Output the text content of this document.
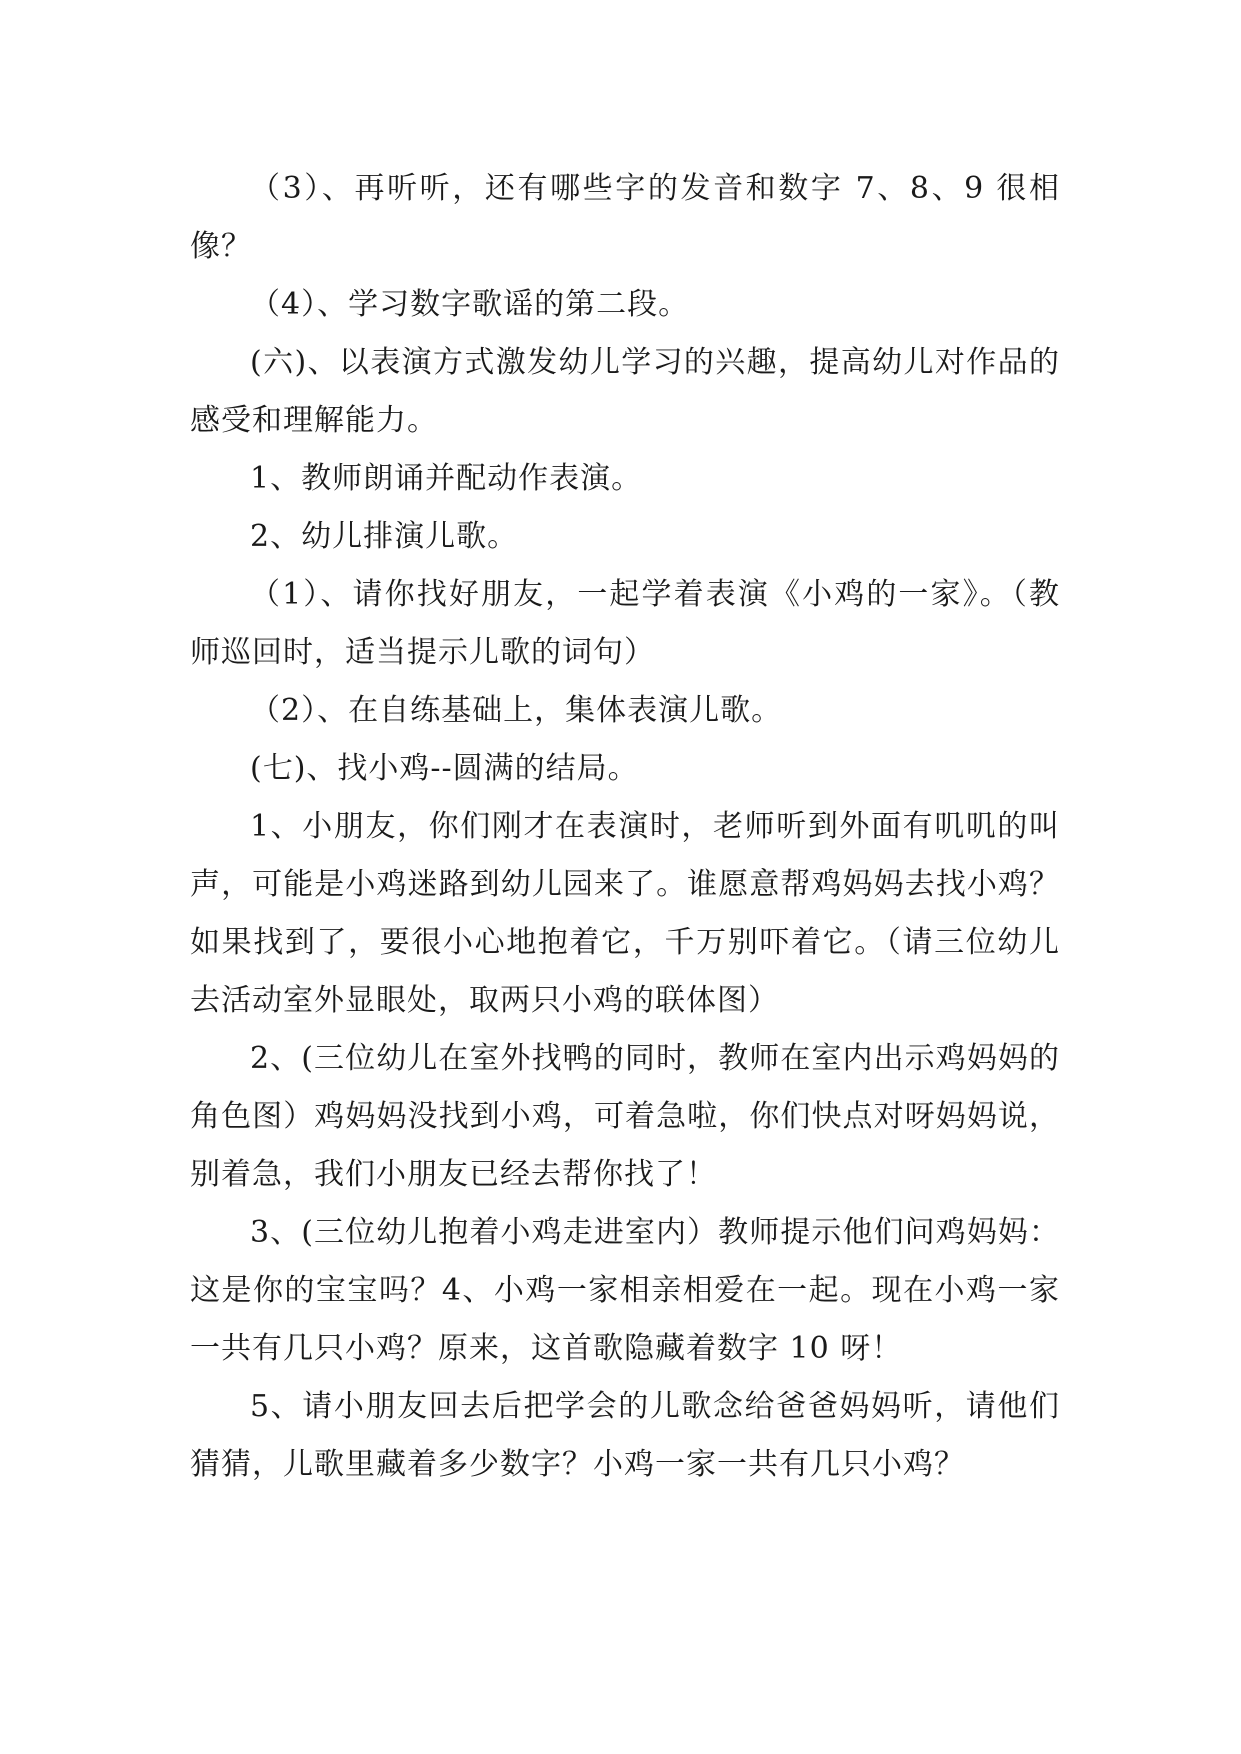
（3）、再听听，还有哪些字的发音和数字 7、8、9 很相像？

（4）、学习数字歌谣的第二段。

(六)、以表演方式激发幼儿学习的兴趣，提高幼儿对作品的感受和理解能力。

1、教师朗诵并配动作表演。

2、幼儿排演儿歌。

（1）、请你找好朋友，一起学着表演《小鸡的一家》。（教师巡回时，适当提示儿歌的词句）

（2）、在自练基础上，集体表演儿歌。

(七)、找小鸡--圆满的结局。

1、小朋友，你们刚才在表演时，老师听到外面有叽叽的叫声，可能是小鸡迷路到幼儿园来了。谁愿意帮鸡妈妈去找小鸡？如果找到了，要很小心地抱着它，千万别吓着它。（请三位幼儿去活动室外显眼处，取两只小鸡的联体图）

2、(三位幼儿在室外找鸭的同时，教师在室内出示鸡妈妈的角色图）鸡妈妈没找到小鸡，可着急啦，你们快点对呀妈妈说，别着急，我们小朋友已经去帮你找了！

3、(三位幼儿抱着小鸡走进室内）教师提示他们问鸡妈妈：这是你的宝宝吗？4、小鸡一家相亲相爱在一起。现在小鸡一家一共有几只小鸡？原来，这首歌隐藏着数字 10 呀！

5、请小朋友回去后把学会的儿歌念给爸爸妈妈听，请他们猜猜，儿歌里藏着多少数字？小鸡一家一共有几只小鸡？
